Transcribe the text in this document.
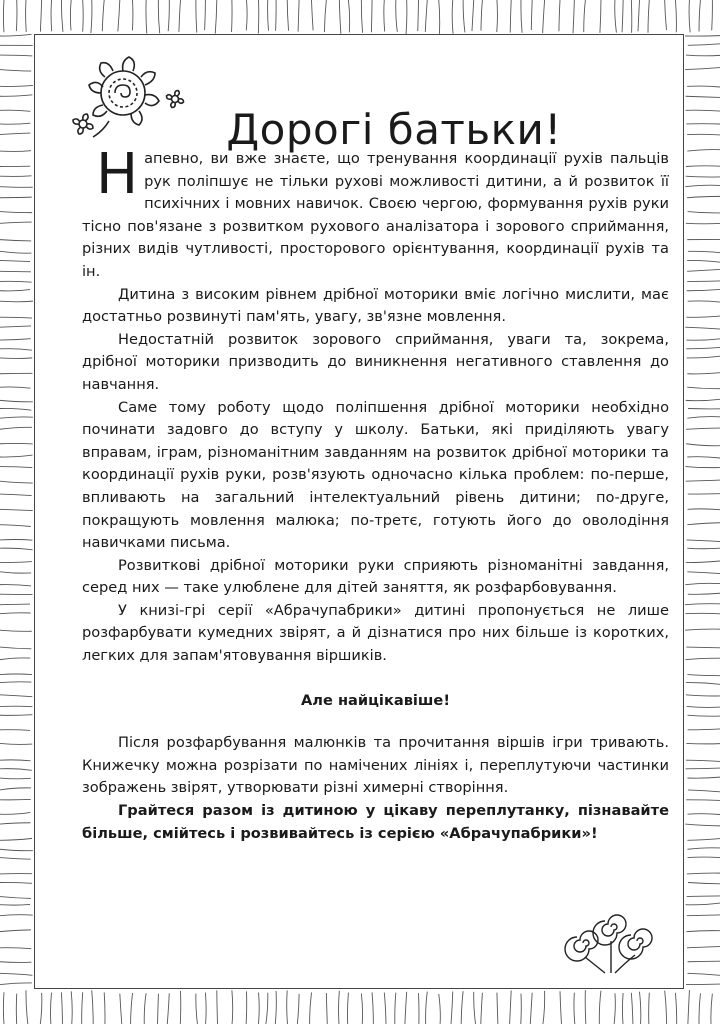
Дорогі батьки!

Напевно, ви вже знаєте, що тренування координації рухів пальців рук поліпшує не тільки рухові можливості дитини, а й розвиток її психічних і мовних навичок. Своєю чергою, формування рухів руки тісно пов'язане з розвитком рухового аналізатора і зорового сприймання, різних видів чутливості, просторового орієнтування, координації рухів та ін.

Дитина з високим рівнем дрібної моторики вміє логічно мислити, має достатньо розвинуті пам'ять, увагу, зв'язне мовлення.

Недостатній розвиток зорового сприймання, уваги та, зокрема, дрібної моторики призводить до виникнення негативного ставлення до навчання.

Саме тому роботу щодо поліпшення дрібної моторики необхідно починати задовго до вступу у школу. Батьки, які приділяють увагу вправам, іграм, різноманітним завданням на розвиток дрібної моторики та координації рухів руки, розв'язують одночасно кілька проблем: по-перше, впливають на загальний інтелектуальний рівень дитини; по-друге, покращують мовлення малюка; по-третє, готують його до оволодіння навичками письма.

Розвиткові дрібної моторики руки сприяють різноманітні завдання, серед них — таке улюблене для дітей заняття, як розфарбовування.

У книзі-грі серії «Абрачупабрики» дитині пропонується не лише розфарбувати кумедних звірят, а й дізнатися про них більше із коротких, легких для запам'ятовування віршиків.

Але найцікавіше!

Після розфарбування малюнків та прочитання віршів ігри тривають. Книжечку можна розрізати по намічених лініях і, переплутуючи частинки зображень звірят, утворювати різні химерні створіння.

Грайтеся разом із дитиною у цікаву переплутанку, пізнавайте більше, смійтесь і розвивайтесь із серією «Абрачупабрики»!
